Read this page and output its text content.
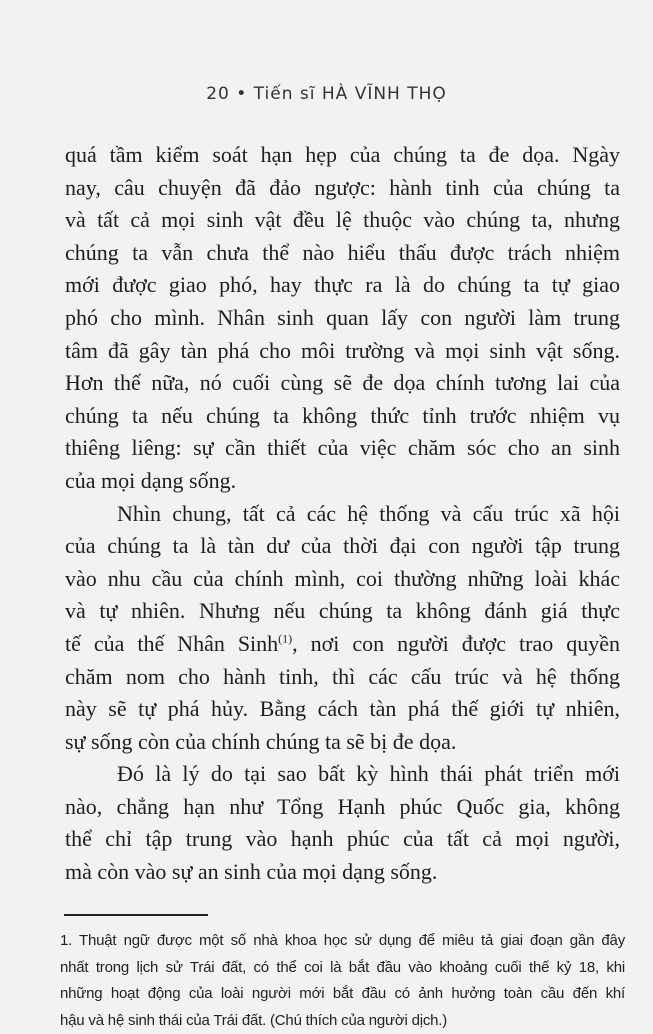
20 • Tiến sĩ HÀ VĨNH THỌ
quá tầm kiểm soát hạn hẹp của chúng ta đe dọa. Ngày
nay, câu chuyện đã đảo ngược: hành tinh của chúng ta
và tất cả mọi sinh vật đều lệ thuộc vào chúng ta, nhưng
chúng ta vẫn chưa thể nào hiểu thấu được trách nhiệm
mới được giao phó, hay thực ra là do chúng ta tự giao
phó cho mình. Nhân sinh quan lấy con người làm trung
tâm đã gây tàn phá cho môi trường và mọi sinh vật sống.
Hơn thế nữa, nó cuối cùng sẽ đe dọa chính tương lai của
chúng ta nếu chúng ta không thức tỉnh trước nhiệm vụ
thiêng liêng: sự cần thiết của việc chăm sóc cho an sinh
của mọi dạng sống.
Nhìn chung, tất cả các hệ thống và cấu trúc xã hội
của chúng ta là tàn dư của thời đại con người tập trung
vào nhu cầu của chính mình, coi thường những loài khác
và tự nhiên. Nhưng nếu chúng ta không đánh giá thực
tế của thế Nhân Sinh$^{(1)}$, nơi con người được trao quyền
chăm nom cho hành tinh, thì các cấu trúc và hệ thống
này sẽ tự phá hủy. Bằng cách tàn phá thế giới tự nhiên,
sự sống còn của chính chúng ta sẽ bị đe dọa.
Đó là lý do tại sao bất kỳ hình thái phát triển mới
nào, chẳng hạn như Tổng Hạnh phúc Quốc gia, không
thể chỉ tập trung vào hạnh phúc của tất cả mọi người,
mà còn vào sự an sinh của mọi dạng sống.
1. Thuật ngữ được một số nhà khoa học sử dụng để miêu tả giai đoạn gần đây
nhất trong lịch sử Trái đất, có thể coi là bắt đầu vào khoảng cuối thế kỷ 18, khi
những hoạt động của loài người mới bắt đầu có ảnh hưởng toàn cầu đến khí
hậu và hệ sinh thái của Trái đất. (Chú thích của người dịch.)
